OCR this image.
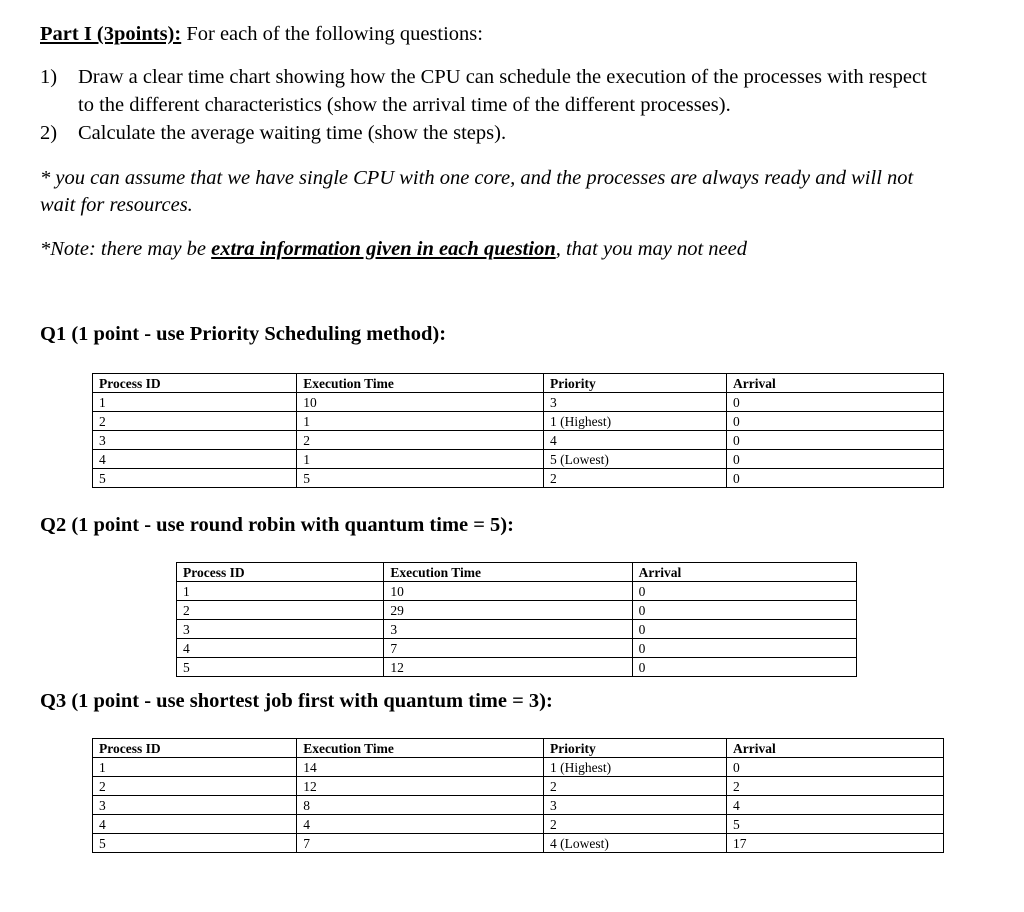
Part I (3points): For each of the following questions:
1) Draw a clear time chart showing how the CPU can schedule the execution of the processes with respect
to the different characteristics (show the arrival time of the different processes).
2) Calculate the average waiting time (show the steps).
* you can assume that we have single CPU with one core, and the processes are always ready and will not
wait for resources.
*Note: there may be extra information given in each question, that you may not need
Q1 (1 point - use Priority Scheduling method):
Process ID	Execution Time	Priority	Arrival
1	10	3	0
2	1	1 (Highest)	0
3	2	4	0
4	1	5 (Lowest)	0
5	5	2	0
Q2 (1 point - use round robin with quantum time = 5):
Process ID	Execution Time	Arrival
1	10	0
2	29	0
3	3	0
4	7	0
5	12	0
Q3 (1 point - use shortest job first with quantum time = 3):
Process ID	Execution Time	Priority	Arrival
1	14	1 (Highest)	0
2	12	2	2
3	8	3	4
4	4	2	5
5	7	4 (Lowest)	17
